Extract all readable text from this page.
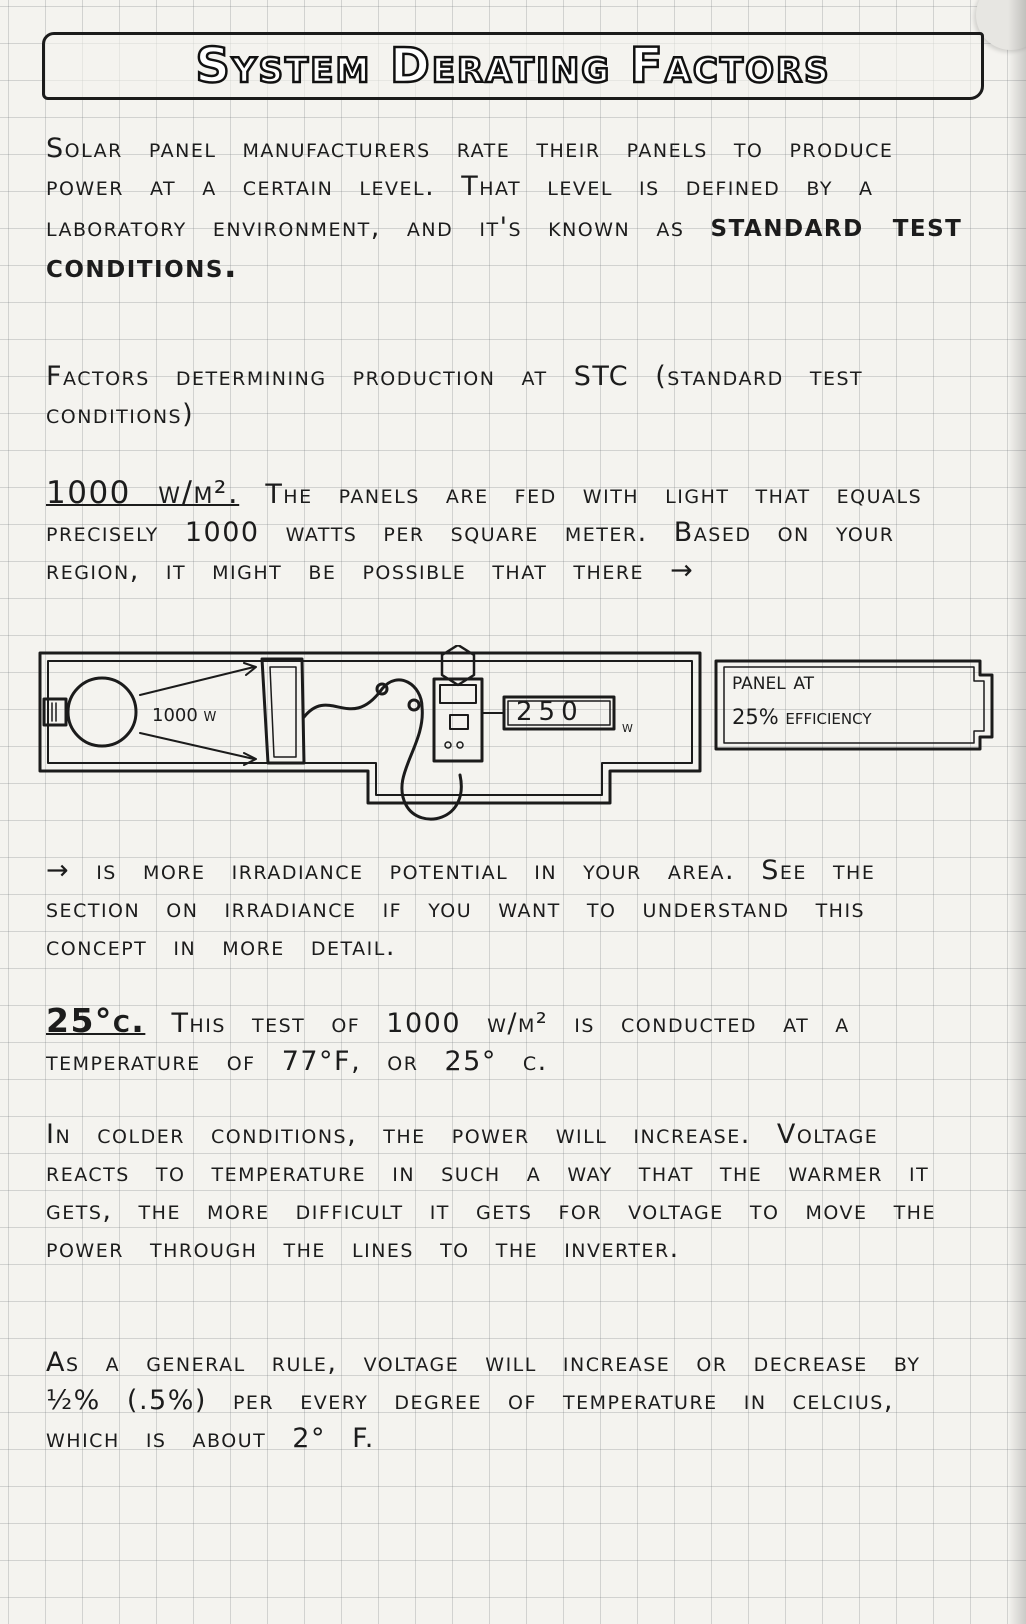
System Derating Factors

Solar panel manufacturers rate their panels to produce power at a certain level. That level is defined by a laboratory environment, and it's known as standard test conditions.

Factors determining production at STC (standard test conditions)

1000 w/m². The panels are fed with light that equals precisely 1000 watts per square meter. Based on your region, it might be possible that there →

1000 w	250 w

panel at

25% efficiency

→ is more irradiance potential in your area. See the section on irradiance if you want to understand this concept in more detail.

25°c. This test of 1000 w/m² is conducted at a temperature of 77°F, or 25° c.

In colder conditions, the power will increase. Voltage reacts to temperature in such a way that the warmer it gets, the more difficult it gets for voltage to move the power through the lines to the inverter.

As a general rule, voltage will increase or decrease by ½% (.5%) per every degree of temperature in celcius, which is about 2° F.
